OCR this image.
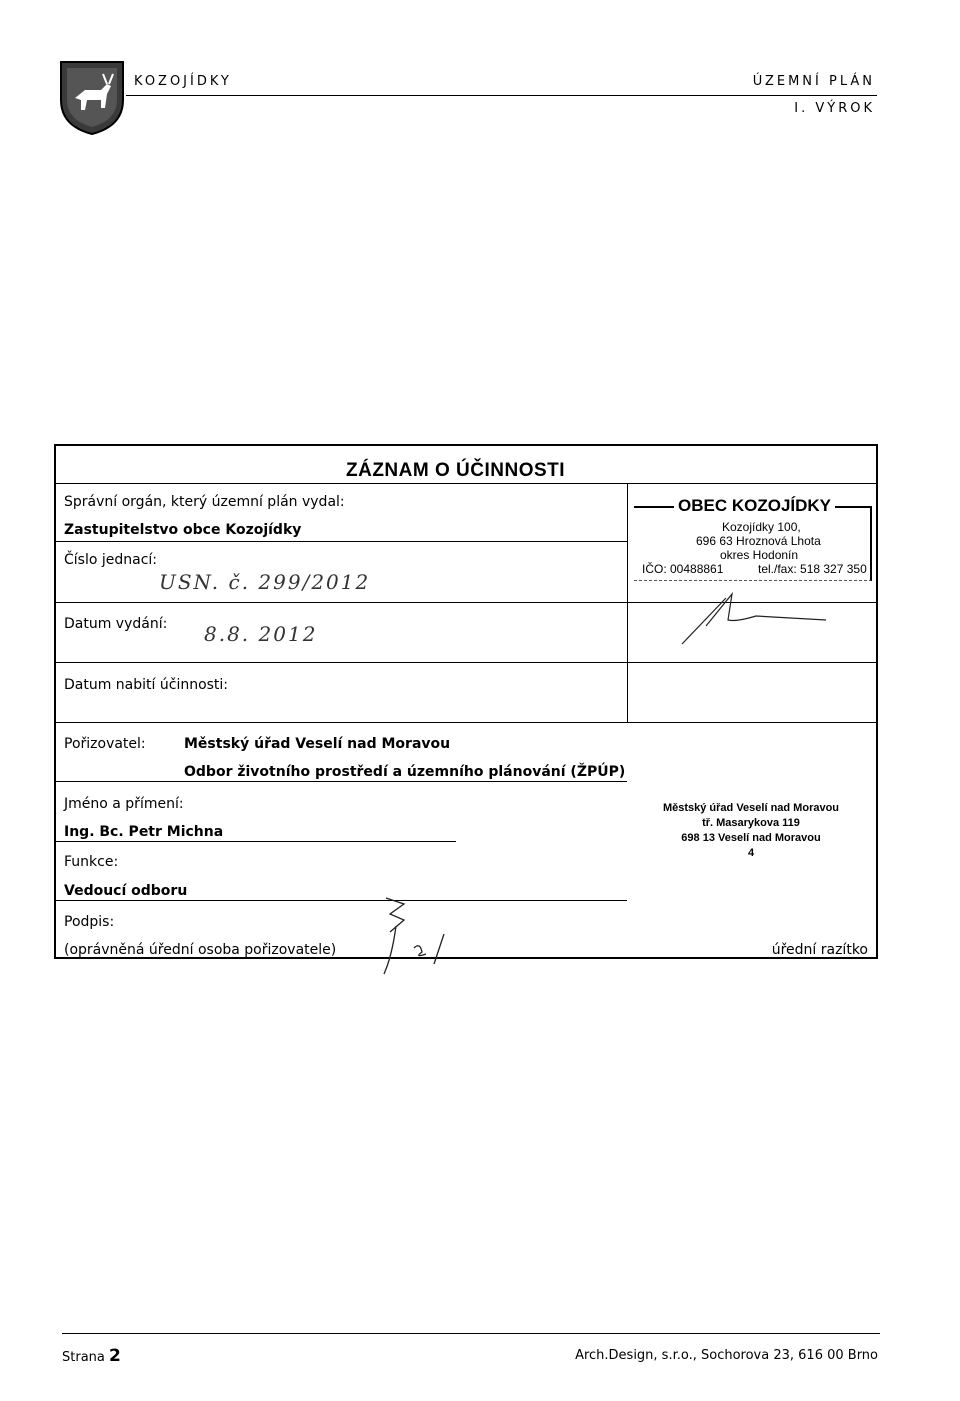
KOZOJÍDKY	ÚZEMNÍ PLÁN
I. VÝROK
ZÁZNAM O ÚČINNOSTI
Správní orgán, který územní plán vydal:
Zastupitelstvo obce Kozojídky
Číslo jednací:
USN. č. 299/2012
Datum vydání: 8.8. 2012
Datum nabití účinnosti:
Pořizovatel:	Městský úřad Veselí nad Moravou
Odbor životního prostředí a územního plánování (ŽPÚP)
Jméno a přímení:
Ing. Bc. Petr Michna
Funkce:
Vedoucí odboru
Podpis:
(oprávněná úřední osoba pořizovatele)	úřední razítko
OBEC KOZOJÍDKY
Kozojídky 100,
696 63 Hroznová Lhota
okres Hodonín
IČO: 00488861	tel./fax: 518 327 350
Městský úřad Veselí nad Moravou
tř. Masarykova 119
698 13 Veselí nad Moravou
4
Strana 2	Arch.Design, s.r.o., Sochorova 23, 616 00 Brno
